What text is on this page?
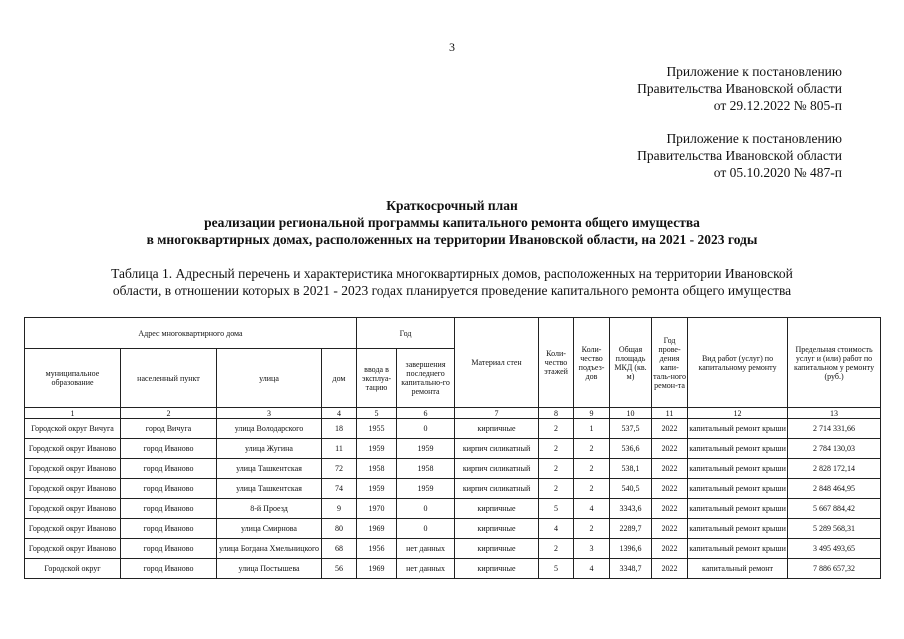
3
Приложение к постановлению
Правительства Ивановской области
от 29.12.2022 № 805-п
Приложение к постановлению
Правительства Ивановской области
от 05.10.2020 № 487-п
Краткосрочный план
реализации региональной программы капитального ремонта общего имущества
в многоквартирных домах, расположенных на территории Ивановской области, на 2021 - 2023 годы
Таблица 1. Адресный перечень и характеристика многоквартирных домов, расположенных на территории Ивановской
области, в отношении которых в 2021 - 2023 годах планируется проведение капитального ремонта общего имущества
Адрес многоквартирного дома				Год		Материал стен	Коли-чество этажей	Коли-чество подъез-дов	Общая площадь МКД (кв. м)	Год прове-дения капи-таль-ного ремон-та	Вид работ (услуг) по капитальному ремонту	Предельная стоимость услуг и (или) работ по капитальном у ремонту (руб.)
муниципальное образование	населенный пункт	улица	дом	ввода в эксплуа-тацию	завершения последнего капитально-го ремонта							
1	2	3	4	5	6	7	8	9	10	11	12	13
Городской округ Вичуга	город Вичуга	улица Володарского	18	1955	0	кирпичные	2	1	537,5	2022	капитальный ремонт крыши	2 714 331,66
Городской округ Иваново	город Иваново	улица Жугина	11	1959	1959	кирпич силикатный	2	2	536,6	2022	капитальный ремонт крыши	2 784 130,03
Городской округ Иваново	город Иваново	улица Ташкентская	72	1958	1958	кирпич силикатный	2	2	538,1	2022	капитальный ремонт крыши	2 828 172,14
Городской округ Иваново	город Иваново	улица Ташкентская	74	1959	1959	кирпич силикатный	2	2	540,5	2022	капитальный ремонт крыши	2 848 464,95
Городской округ Иваново	город Иваново	8-й Проезд	9	1970	0	кирпичные	5	4	3343,6	2022	капитальный ремонт крыши	5 667 884,42
Городской округ Иваново	город Иваново	улица Смирнова	80	1969	0	кирпичные	4	2	2289,7	2022	капитальный ремонт крыши	5 289 568,31
Городской округ Иваново	город Иваново	улица Богдана Хмельницкого	68	1956	нет данных	кирпичные	2	3	1396,6	2022	капитальный ремонт крыши	3 495 493,65
Городской округ	город Иваново	улица Постышева	56	1969	нет данных	кирпичные	5	4	3348,7	2022	капитальный ремонт	7 886 657,32
